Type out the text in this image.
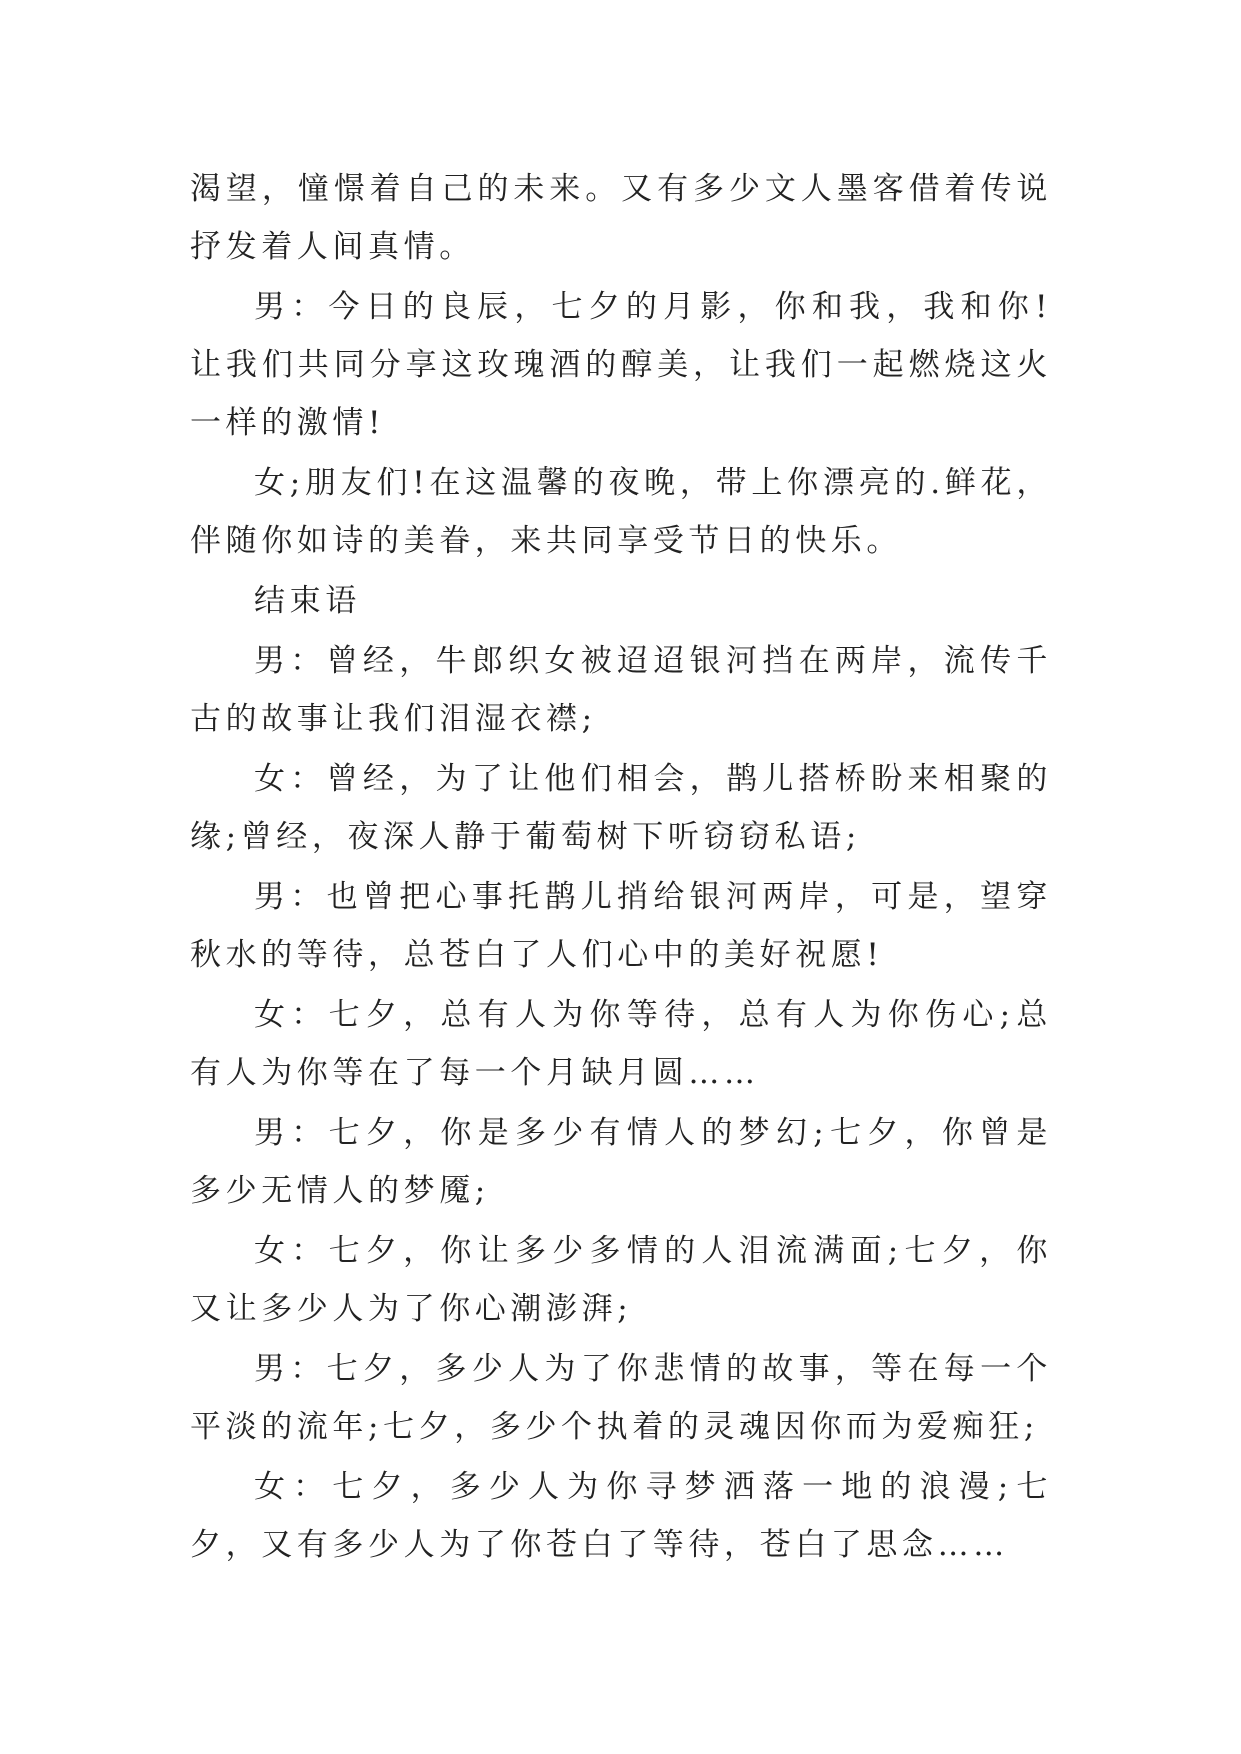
渴望，憧憬着自己的未来。又有多少文人墨客借着传说抒发着人间真情。

男：今日的良辰，七夕的月影，你和我，我和你!让我们共同分享这玫瑰酒的醇美，让我们一起燃烧这火一样的激情!

女;朋友们!在这温馨的夜晚，带上你漂亮的.鲜花，伴随你如诗的美眷，来共同享受节日的快乐。

结束语

男：曾经，牛郎织女被迢迢银河挡在两岸，流传千古的故事让我们泪湿衣襟;

女：曾经，为了让他们相会，鹊儿搭桥盼来相聚的缘;曾经，夜深人静于葡萄树下听窃窃私语;

男：也曾把心事托鹊儿捎给银河两岸，可是，望穿秋水的等待，总苍白了人们心中的美好祝愿!

女：七夕，总有人为你等待，总有人为你伤心;总有人为你等在了每一个月缺月圆……

男：七夕，你是多少有情人的梦幻;七夕，你曾是多少无情人的梦魇;

女：七夕，你让多少多情的人泪流满面;七夕，你又让多少人为了你心潮澎湃;

男：七夕，多少人为了你悲情的故事，等在每一个平淡的流年;七夕，多少个执着的灵魂因你而为爱痴狂;

女：七夕，多少人为你寻梦洒落一地的浪漫;七夕，又有多少人为了你苍白了等待，苍白了思念……
